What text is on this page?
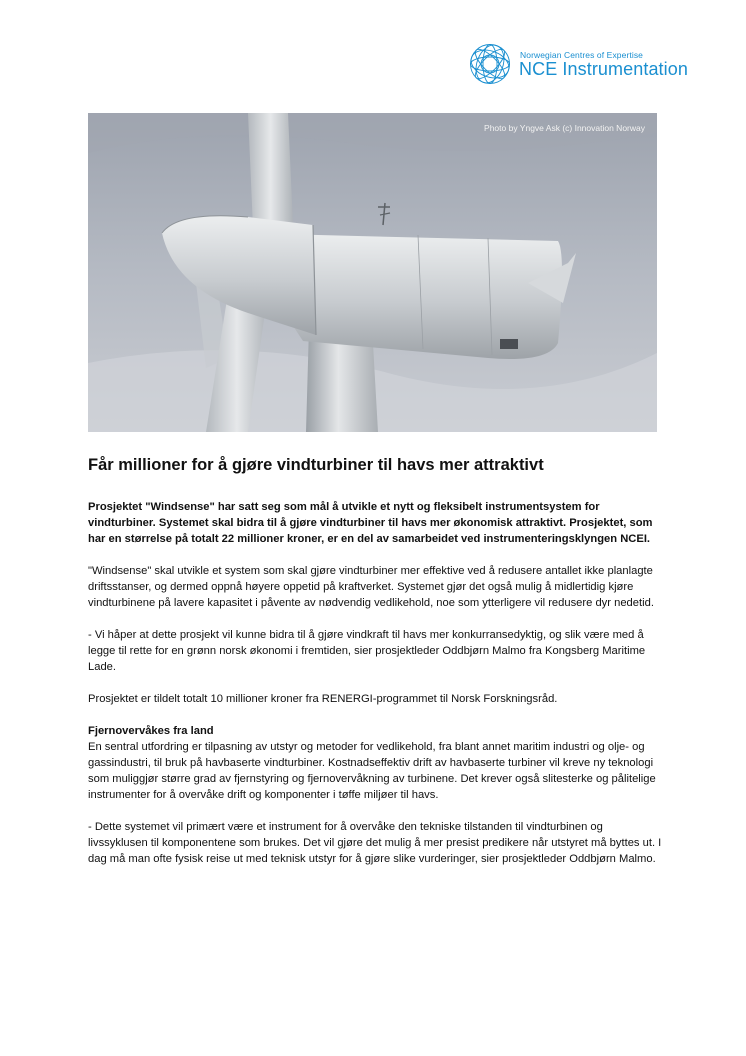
Norwegian Centres of Expertise
NCE Instrumentation
Photo by Yngve Ask (c) Innovation Norway
Får millioner for å gjøre vindturbiner til havs mer attraktivt

Prosjektet "Windsense" har satt seg som mål å utvikle et nytt og fleksibelt instrumentsystem for vindturbiner. Systemet skal bidra til å gjøre vindturbiner til havs mer økonomisk attraktivt. Prosjektet, som har en størrelse på totalt 22 millioner kroner, er en del av samarbeidet ved instrumenteringsklyngen NCEI.

"Windsense" skal utvikle et system som skal gjøre vindturbiner mer effektive ved å redusere antallet ikke planlagte driftsstanser, og dermed oppnå høyere oppetid på kraftverket. Systemet gjør det også mulig å midlertidig kjøre vindturbinene på lavere kapasitet i påvente av nødvendig vedlikehold, noe som ytterligere vil redusere dyr nedetid.

- Vi håper at dette prosjekt vil kunne bidra til å gjøre vindkraft til havs mer konkurransedyktig, og slik være med å legge til rette for en grønn norsk økonomi i fremtiden, sier prosjektleder Oddbjørn Malmo fra Kongsberg Maritime Lade.

Prosjektet er tildelt totalt 10 millioner kroner fra RENERGI-programmet til Norsk Forskningsråd.

Fjernovervåkes fra land
En sentral utfordring er tilpasning av utstyr og metoder for vedlikehold, fra blant annet maritim industri og olje- og gassindustri, til bruk på havbaserte vindturbiner. Kostnadseffektiv drift av havbaserte turbiner vil kreve ny teknologi som muliggjør større grad av fjernstyring og fjernovervåkning av turbinene. Det krever også slitesterke og pålitelige instrumenter for å overvåke drift og komponenter i tøffe miljøer til havs.

- Dette systemet vil primært være et instrument for å overvåke den tekniske tilstanden til vindturbinen og livssyklusen til komponentene som brukes. Det vil gjøre det mulig å mer presist predikere når utstyret må byttes ut. I dag må man ofte fysisk reise ut med teknisk utstyr for å gjøre slike vurderinger, sier prosjektleder Oddbjørn Malmo.
